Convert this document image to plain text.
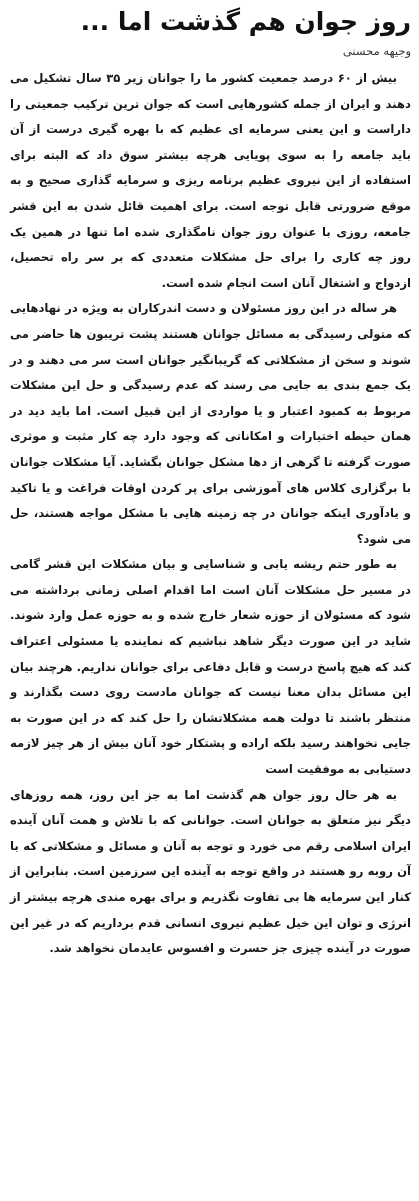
روز جوان هم گذشت اما ...
وجیهه محسنی

بیش از ۶۰ درصد جمعیت کشور ما را جوانان زیر ۳۵ سال تشکیل می دهند و ایران از جمله کشورهایی است که جوان ترین ترکیب جمعیتی را داراست و این یعنی سرمایه ای عظیم که با بهره گیری درست از آن باید جامعه را به سوی پویایی هرچه بیشتر سوق داد که البته برای استفاده از این نیروی عظیم برنامه ریزی و سرمایه گذاری صحیح و به موقع ضرورتی قابل توجه است. برای اهمیت قائل شدن به این قشر جامعه، روزی با عنوان روز جوان نامگذاری شده اما تنها در همین یک روز چه کاری را برای حل مشکلات متعددی که بر سر راه تحصیل، ازدواج و اشتغال آنان است انجام شده است.

هر ساله در این روز مسئولان و دست اندرکاران به ویژه در نهادهایی که متولی رسیدگی به مسائل جوانان هستند پشت تریبون ها حاضر می شوند و سخن از مشکلاتی که گریبانگیر جوانان است سر می دهند و در یک جمع بندی به جایی می رسند که عدم رسیدگی و حل این مشکلات مربوط به کمبود اعتبار و یا مواردی از این قبیل است. اما باید دید در همان حیطه اختیارات و امکاناتی که وجود دارد چه کار مثبت و موثری صورت گرفته تا گرهی از دها مشکل جوانان بگشاید. آیا مشکلات جوانان با برگزاری کلاس های آموزشی برای پر کردن اوقات فراغت و یا تاکید و یادآوری اینکه جوانان در چه زمینه هایی با مشکل مواجه هستند، حل می شود؟

به طور حتم ریشه یابی و شناسایی و بیان مشکلات این قشر گامی در مسیر حل مشکلات آنان است اما اقدام اصلی زمانی برداشته می شود که مسئولان از حوزه شعار خارج شده و به حوزه عمل وارد شوند. شاید در این صورت دیگر شاهد نباشیم که نماینده یا مسئولی اعتراف کند که هیچ پاسخ درست و قابل دفاعی برای جوانان نداریم. هرچند بیان این مسائل بدان معنا نیست که جوانان مادست روی دست بگذارند و منتظر باشند تا دولت همه مشکلاتشان را حل کند که در این صورت به جایی نخواهند رسید بلکه اراده و پشتکار خود آنان بیش از هر چیز لازمه دستیابی به موفقیت است

به هر حال روز جوان هم گذشت اما به جز این روز، همه روزهای دیگر نیز متعلق به جوانان است. جوانانی که با تلاش و همت آنان آینده ایران اسلامی رقم می خورد و توجه به آنان و مسائل و مشکلاتی که با آن روبه رو هستند در واقع توجه به آینده این سرزمین است. بنابراین از کنار این سرمایه ها بی تفاوت نگذریم و برای بهره مندی هرچه بیشتر از انرژی و توان این خیل عظیم نیروی انسانی قدم برداریم که در غیر این صورت در آینده چیزی جز حسرت و افسوس عایدمان نخواهد شد.
